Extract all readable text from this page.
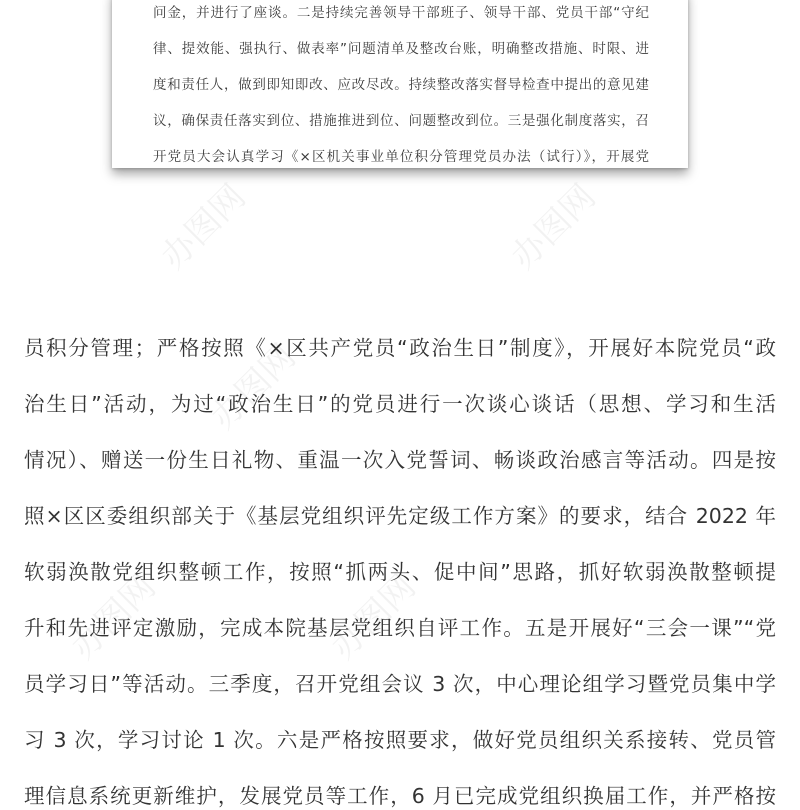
问金，并进行了座谈。二是持续完善领导干部班子、领导干部、党员干部“守纪
律、提效能、强执行、做表率”问题清单及整改台账，明确整改措施、时限、进
度和责任人，做到即知即改、应改尽改。持续整改落实督导检查中提出的意见建
议，确保责任落实到位、措施推进到位、问题整改到位。三是强化制度落实，召
开党员大会认真学习《×区机关事业单位积分管理党员办法（试行）》，开展党
员积分管理；严格按照《×区共产党员“政治生日”制度》，开展好本院党员“政
治生日”活动，为过“政治生日”的党员进行一次谈心谈话（思想、学习和生活
情况）、赠送一份生日礼物、重温一次入党誓词、畅谈政治感言等活动。四是按
照×区区委组织部关于《基层党组织评先定级工作方案》的要求，结合 2022 年
软弱涣散党组织整顿工作，按照“抓两头、促中间”思路，抓好软弱涣散整顿提
升和先进评定激励，完成本院基层党组织自评工作。五是开展好“三会一课”“党
员学习日”等活动。三季度，召开党组会议 3 次，中心理论组学习暨党员集中学
习 3 次，学习讨论 1 次。六是严格按照要求，做好党员组织关系接转、党员管
理信息系统更新维护，发展党员等工作，6 月已完成党组织换届工作，并严格按
办图网	办图网
办图网
办图网	办图网
